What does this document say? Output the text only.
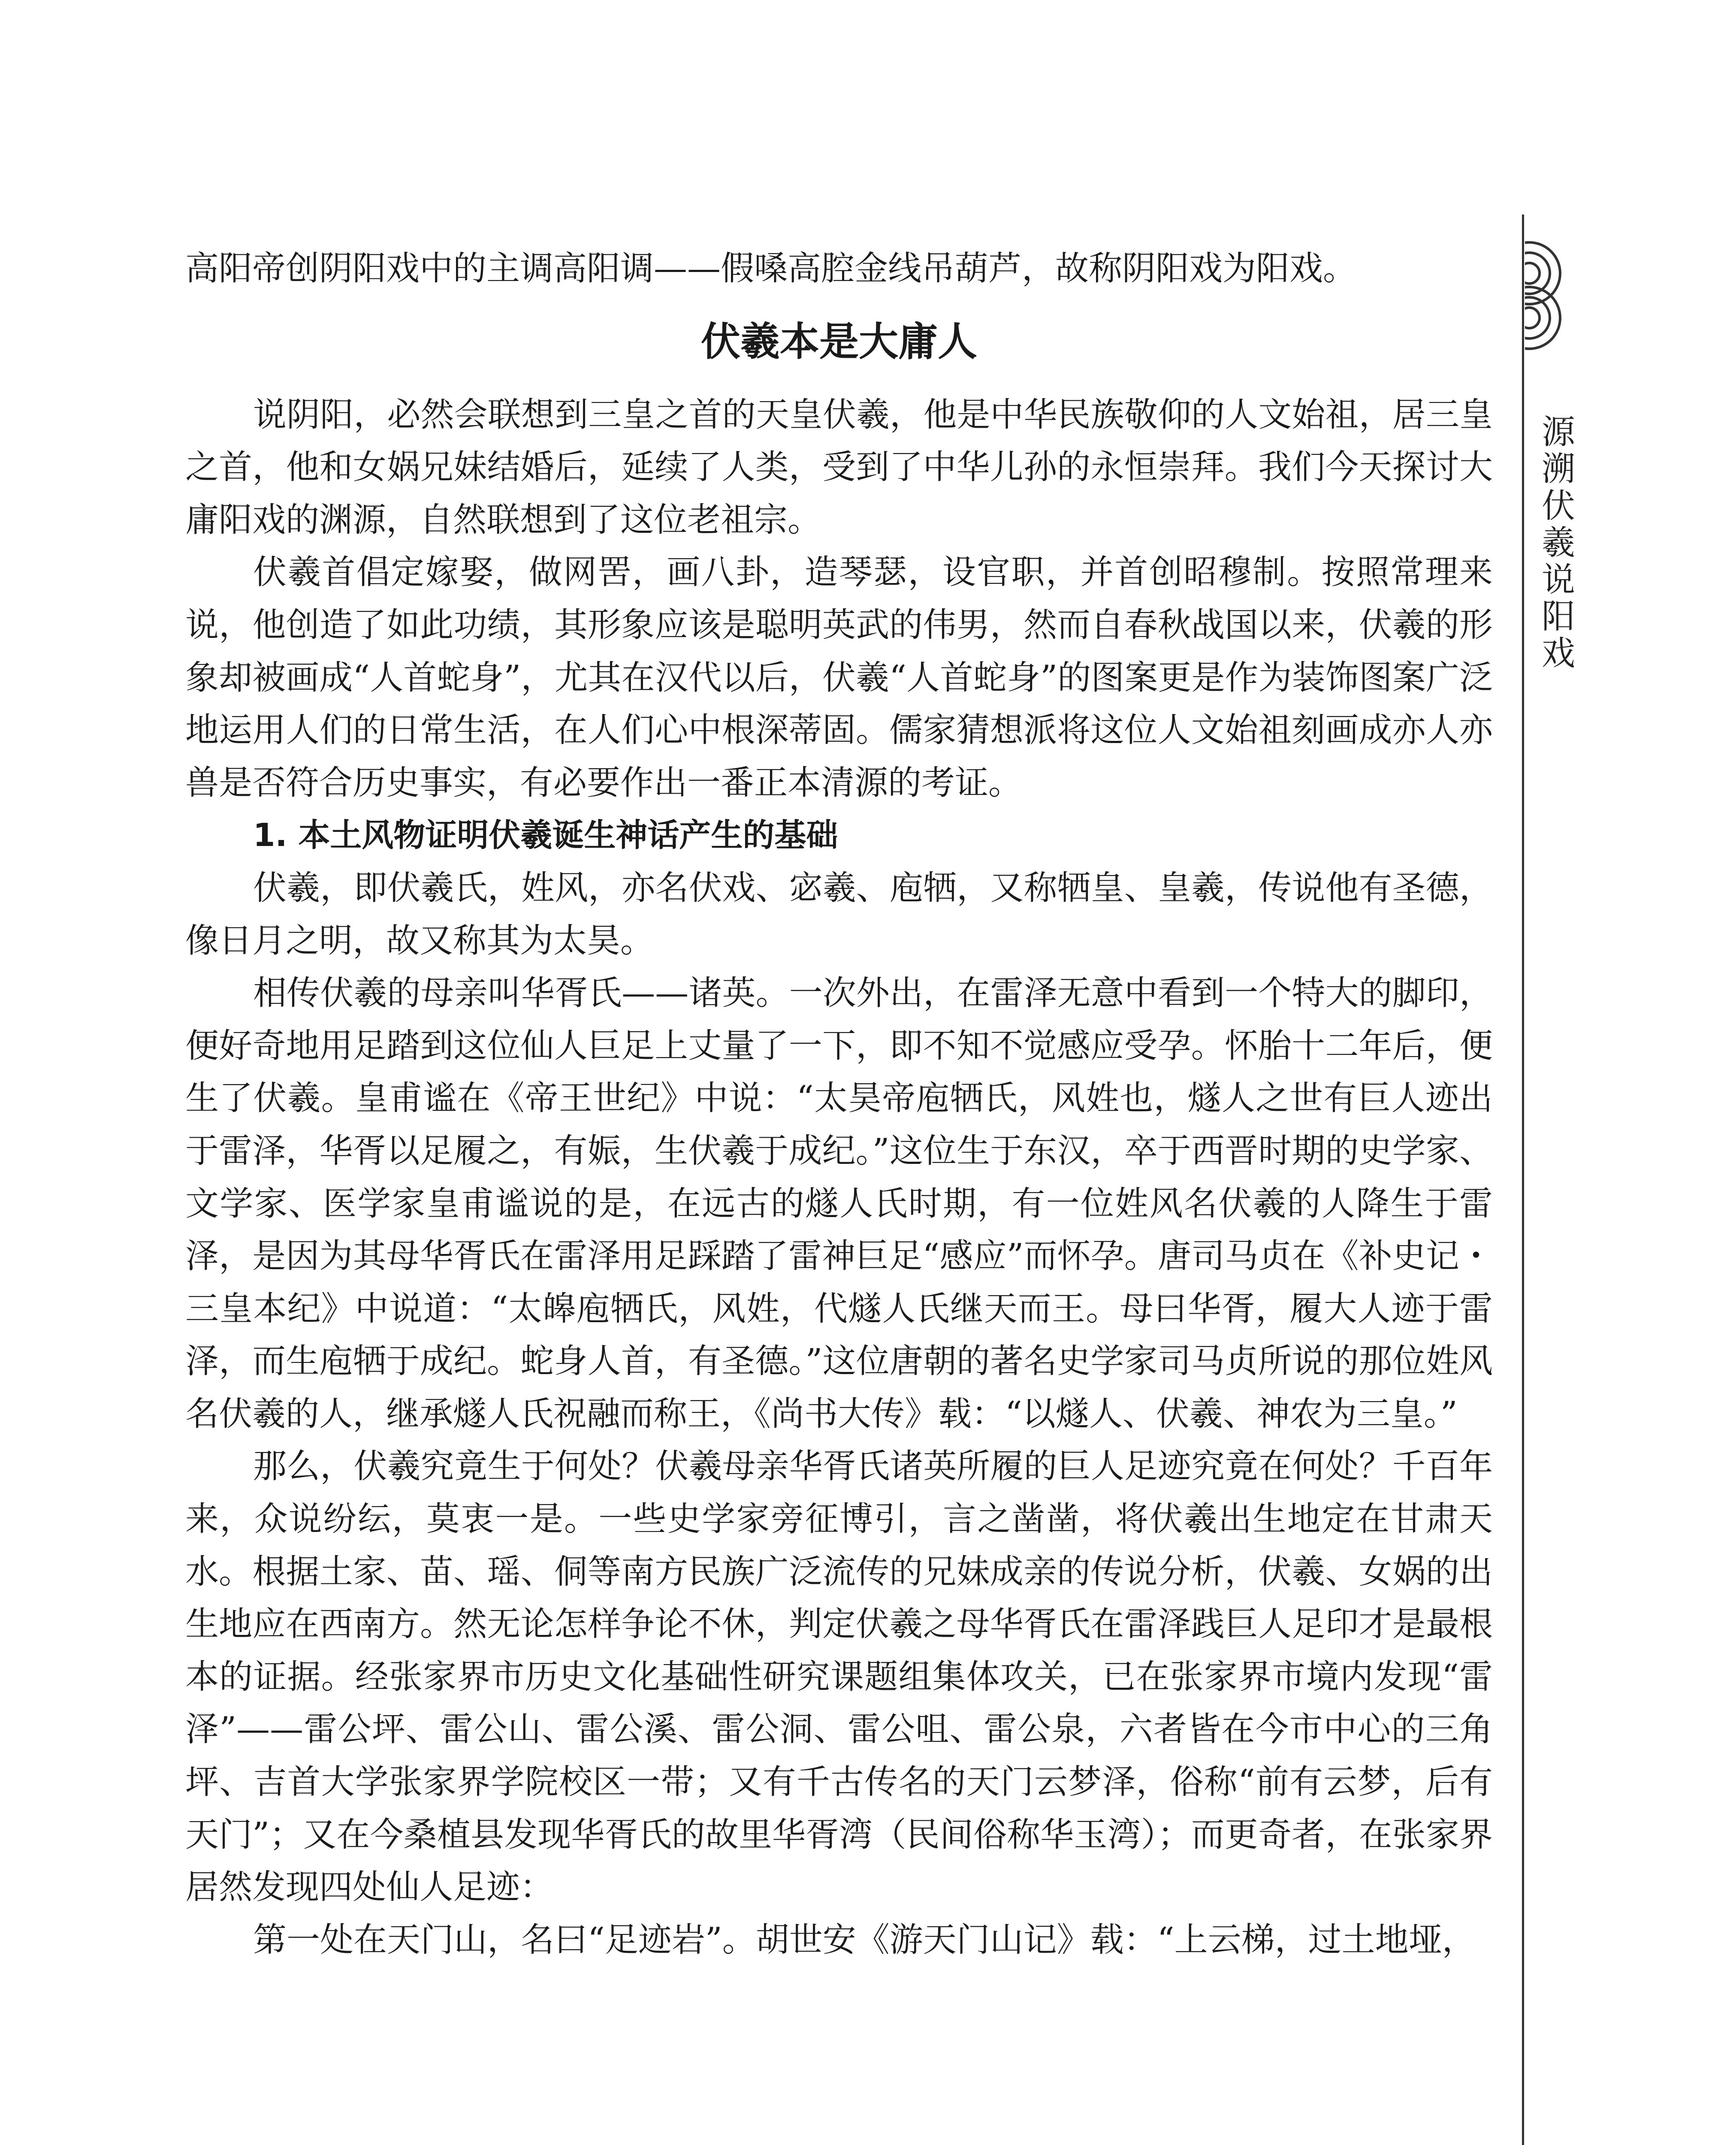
源溯伏羲说阳戏

高阳帝创阴阳戏中的主调高阳调——假嗓高腔金线吊葫芦，故称阴阳戏为阳戏。

伏羲本是大庸人

说阴阳，必然会联想到三皇之首的天皇伏羲，他是中华民族敬仰的人文始祖，居三皇之首，他和女娲兄妹结婚后，延续了人类，受到了中华儿孙的永恒崇拜。我们今天探讨大庸阳戏的渊源，自然联想到了这位老祖宗。

伏羲首倡定嫁娶，做网罟，画八卦，造琴瑟，设官职，并首创昭穆制。按照常理来说，他创造了如此功绩，其形象应该是聪明英武的伟男，然而自春秋战国以来，伏羲的形象却被画成“人首蛇身”，尤其在汉代以后，伏羲“人首蛇身”的图案更是作为装饰图案广泛地运用人们的日常生活，在人们心中根深蒂固。儒家猜想派将这位人文始祖刻画成亦人亦兽是否符合历史事实，有必要作出一番正本清源的考证。

1. 本土风物证明伏羲诞生神话产生的基础

伏羲，即伏羲氏，姓风，亦名伏戏、宓羲、庖牺，又称牺皇、皇羲，传说他有圣德，像日月之明，故又称其为太昊。

相传伏羲的母亲叫华胥氏——诸英。一次外出，在雷泽无意中看到一个特大的脚印，便好奇地用足踏到这位仙人巨足上丈量了一下，即不知不觉感应受孕。怀胎十二年后，便生了伏羲。皇甫谧在《帝王世纪》中说：“太昊帝庖牺氏，风姓也，燧人之世有巨人迹出于雷泽，华胥以足履之，有娠，生伏羲于成纪。”这位生于东汉，卒于西晋时期的史学家、文学家、医学家皇甫谧说的是，在远古的燧人氏时期，有一位姓风名伏羲的人降生于雷泽，是因为其母华胥氏在雷泽用足踩踏了雷神巨足“感应”而怀孕。唐司马贞在《补史记・三皇本纪》中说道：“太皞庖牺氏，风姓，代燧人氏继天而王。母曰华胥，履大人迹于雷泽，而生庖牺于成纪。蛇身人首，有圣德。”这位唐朝的著名史学家司马贞所说的那位姓风名伏羲的人，继承燧人氏祝融而称王，《尚书大传》载：“以燧人、伏羲、神农为三皇。”

那么，伏羲究竟生于何处？伏羲母亲华胥氏诸英所履的巨人足迹究竟在何处？千百年来，众说纷纭，莫衷一是。一些史学家旁征博引，言之凿凿，将伏羲出生地定在甘肃天水。根据土家、苗、瑶、侗等南方民族广泛流传的兄妹成亲的传说分析，伏羲、女娲的出生地应在西南方。然无论怎样争论不休，判定伏羲之母华胥氏在雷泽践巨人足印才是最根本的证据。经张家界市历史文化基础性研究课题组集体攻关，已在张家界市境内发现“雷泽”——雷公坪、雷公山、雷公溪、雷公洞、雷公咀、雷公泉，六者皆在今市中心的三角坪、吉首大学张家界学院校区一带；又有千古传名的天门云梦泽，俗称“前有云梦，后有天门”；又在今桑植县发现华胥氏的故里华胥湾（民间俗称华玉湾）；而更奇者，在张家界居然发现四处仙人足迹：

第一处在天门山，名曰“足迹岩”。胡世安《游天门山记》载：“上云梯，过土地垭，
